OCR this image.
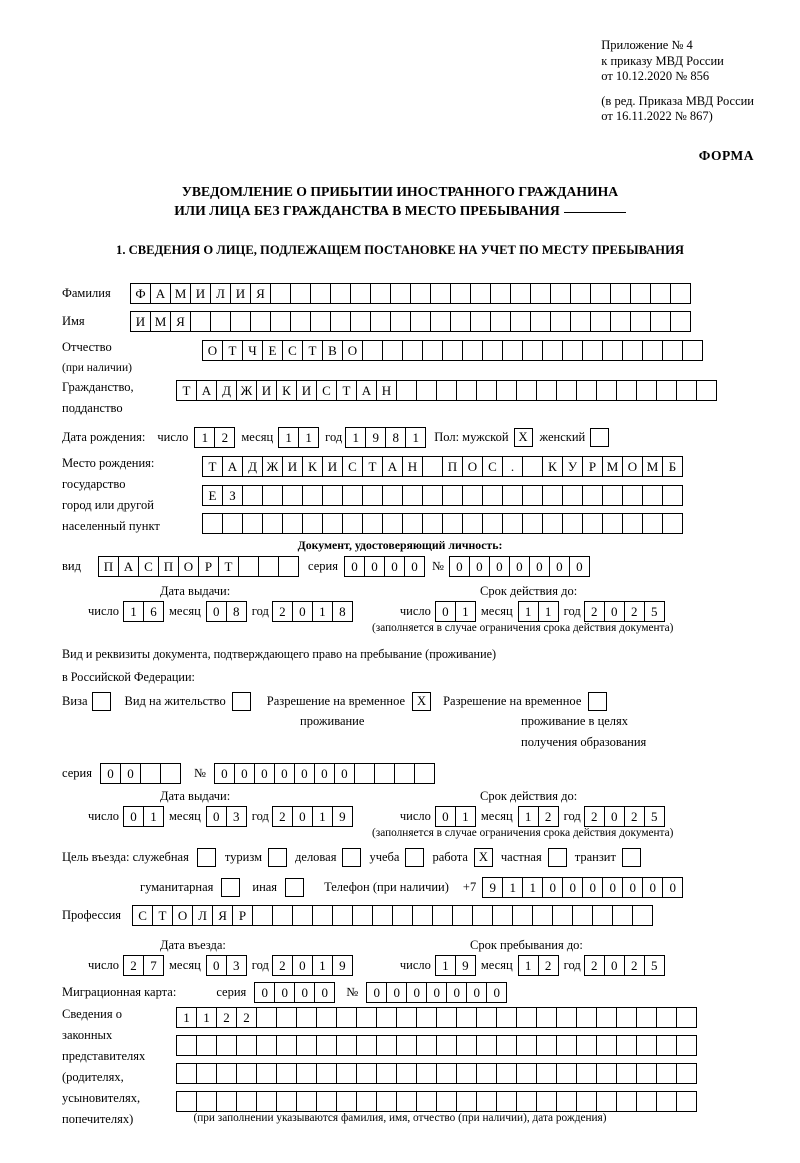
Приложение № 4
к приказу МВД России
от 10.12.2020 № 856
(в ред. Приказа МВД России
от 16.11.2022 № 867)
ФОРМА
УВЕДОМЛЕНИЕ О ПРИБЫТИИ ИНОСТРАННОГО ГРАЖДАНИНА
ИЛИ ЛИЦА БЕЗ ГРАЖДАНСТВА В МЕСТО ПРЕБЫВАНИЯ
1. СВЕДЕНИЯ О ЛИЦЕ, ПОДЛЕЖАЩЕМ ПОСТАНОВКЕ НА УЧЕТ ПО МЕСТУ ПРЕБЫВАНИЯ
Фамилия	Ф А М И Л И Я
Имя	И М Я
Отчество
(при наличии)
О Т Ч Е С Т В О
Гражданство,
подданство
Т А Д Ж И К И С Т А Н
Дата рождения: число	1	2	месяц 1	1	год 1	9	8	1	Пол: мужской Х женский
Место рождения:
государство
город или другой
населенный пункт
Т А Д Ж И К И С Т А Н	П О С	.	К У Р М О М Б
Е З
Документ, удостоверяющий личность:
вид	П А С П О Р Т	серия	0	0	0	0	№ 0	0	0	0	0	0	0
Дата выдачи:	Срок действия до:
число 1	6 месяц 0	8 год 2	0	1	8	число 0	1 месяц 1	1 год 2	0	2	5
(заполняется в случае ограничения срока действия документа)
Вид и реквизиты документа, подтверждающего право на пребывание (проживание)
в Российской Федерации:
Виза	Вид на жительство	Разрешение на временное Х	Разрешение на временное
проживание	проживание в целях
получения образования
серия	0	0	№	0	0	0	0	0	0	0
Дата выдачи:	Срок действия до:
число 0	1 месяц 0	3 год 2	0	1	9	число 0	1 месяц 1	2 год 2	0	2	5
(заполняется в случае ограничения срока действия документа)
Цель въезда: служебная	туризм	деловая	учеба	работа Х	частная	транзит
гуманитарная	иная	Телефон (при наличии) +7	9	1	1	0	0	0	0	0	0	0
Профессия	С Т О Л Я Р
Дата въезда:	Срок пребывания до:
число 2	7 месяц 0	3 год 2	0	1	9	число 1	9 месяц 1	2 год 2	0	2	5
Миграционная карта:	серия	0	0	0	0	№	0	0	0	0	0	0	0
Сведения о
законных
представителях
(родителях,
усыновителях,
попечителях)
1	1	2	2
(при заполнении указываются фамилия, имя, отчество (при наличии), дата рождения)
